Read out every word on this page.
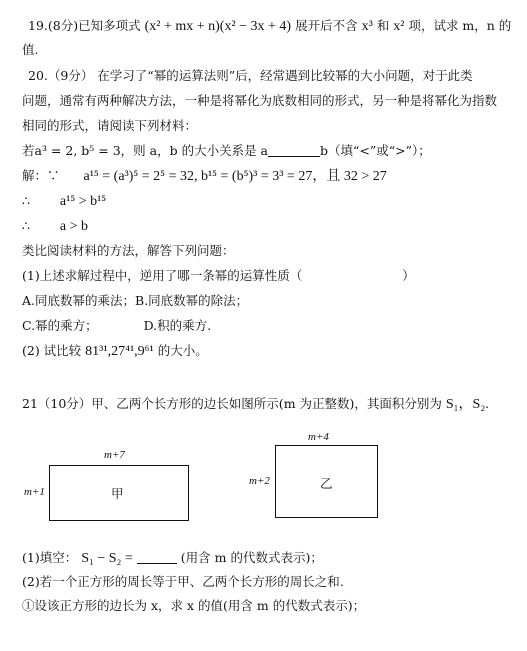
19.(8分)已知多项式 (x² + mx + n)(x² − 3x + 4) 展开后不含 x³ 和 x² 项，试求 m，n 的
值.
20.（9分） 在学习了“幂的运算法则”后，经常遇到比较幂的大小问题，对于此类
问题，通常有两种解决方法，一种是将幂化为底数相同的形式，另一种是将幂化为指数
相同的形式，请阅读下列材料：
若a³ = 2, b⁵ = 3，则 a，b 的大小关系是 a	b（填“<”或“>”）；
解：∵ a¹⁵ = (a³)⁵ = 2⁵ = 32, b¹⁵ = (b⁵)³ = 3³ = 27，且 32 > 27
∴ a¹⁵ > b¹⁵
∴ a > b
类比阅读材料的方法，解答下列问题：
(1)上述求解过程中，逆用了哪一条幂的运算性质（	）
A.同底数幂的乘法；B.同底数幂的除法；
C.幂的乘方；	D.积的乘方.
(2) 试比较 81³¹,27⁴¹,9⁶¹ 的大小。
21（10分）甲、乙两个长方形的边长如图所示(m 为正整数)，其面积分别为 S₁，S₂.
m+7
m+1	甲
m+4
m+2	乙
(1)填空： S₁ − S₂ =	(用含 m 的代数式表示)；
(2)若一个正方形的周长等于甲、乙两个长方形的周长之和.
①设该正方形的边长为 x，求 x 的值(用含 m 的代数式表示)；
